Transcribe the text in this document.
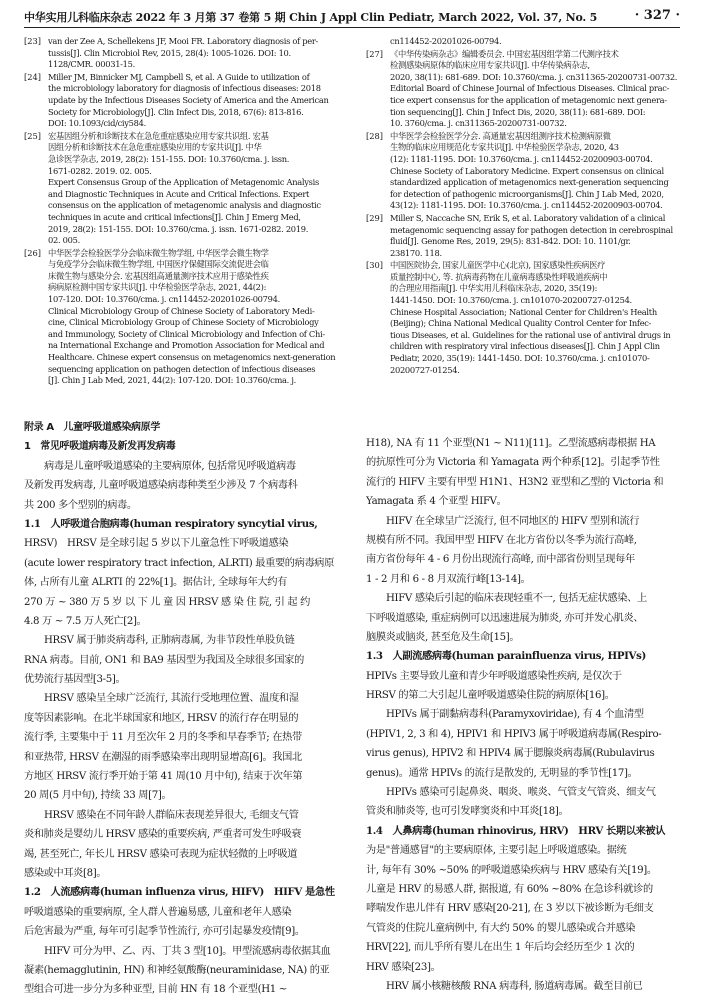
中华实用儿科临床杂志 2022 年 3 月第 37 卷第 5 期 Chin J Appl Clin Pediatr, March 2022, Vol. 37, No. 5	· 327 ·
[23] van der Zee A, Schellekens JF, Mooi FR. Laboratory diagnosis of per-
tussis[J]. Clin Microbiol Rev, 2015, 28(4): 1005-1026. DOI: 10.
1128/CMR. 00031-15.
[24] Miller JM, Binnicker MJ, Campbell S, et al. A Guide to utilization of
the microbiology laboratory for diagnosis of infectious diseases: 2018
update by the Infectious Diseases Society of America and the American
Society for Microbiology[J]. Clin Infect Dis, 2018, 67(6): 813-816.
DOI: 10.1093/cid/ciy584.
[25] 宏基因组分析和诊断技术在急危重症感染应用专家共识组. 宏基
因组分析和诊断技术在急危重症感染应用的专家共识[J]. 中华
急诊医学杂志, 2019, 28(2): 151-155. DOI: 10.3760/cma. j. issn.
1671-0282. 2019. 02. 005.
Expert Consensus Group of the Application of Metagenomic Analysis
and Diagnostic Techniques in Acute and Critical Infections. Expert
consensus on the application of metagenomic analysis and diagnostic
techniques in acute and critical infections[J]. Chin J Emerg Med,
2019, 28(2): 151-155. DOI: 10.3760/cma. j. issn. 1671-0282. 2019.
02. 005.
[26] 中华医学会检验医学分会临床微生物学组, 中华医学会微生物学
与免疫学分会临床微生物学组, 中国医疗保健国际交流促进会临
床微生物与感染分会. 宏基因组高通量测序技术应用于感染性疾
病病原检测中国专家共识[J]. 中华检验医学杂志, 2021, 44(2):
107-120. DOI: 10.3760/cma. j. cn114452-20201026-00794.
Clinical Microbiology Group of Chinese Society of Laboratory Medi-
cine, Clinical Microbiology Group of Chinese Society of Microbiology
and Immunology, Society of Clinical Microbiology and Infection of Chi-
na International Exchange and Promotion Association for Medical and
Healthcare. Chinese expert consensus on metagenomics next-generation
sequencing application on pathogen detection of infectious diseases
[J]. Chin J Lab Med, 2021, 44(2): 107-120. DOI: 10.3760/cma. j.
cn114452-20201026-00794.
[27] 《中华传染病杂志》编辑委员会. 中国宏基因组学第二代测序技术
检测感染病原体的临床应用专家共识[J]. 中华传染病杂志,
2020, 38(11): 681-689. DOI: 10.3760/cma. j. cn311365-20200731-00732.
Editorial Board of Chinese Journal of Infectious Diseases. Clinical prac-
tice expert consensus for the application of metagenomic next genera-
tion sequencing[J]. Chin J Infect Dis, 2020, 38(11): 681-689. DOI:
10. 3760/cma. j. cn311365-20200731-00732.
[28] 中华医学会检验医学分会. 高通量宏基因组测序技术检测病原微
生物的临床应用规范化专家共识[J]. 中华检验医学杂志, 2020, 43
(12): 1181-1195. DOI: 10.3760/cma. j. cn114452-20200903-00704.
Chinese Society of Laboratory Medicine. Expert consensus on clinical
standardized application of metagenomics next-generation sequencing
for detection of pathogenic microorganisms[J]. Chin J Lab Med, 2020,
43(12): 1181-1195. DOI: 10.3760/cma. j. cn114452-20200903-00704.
[29] Miller S, Naccache SN, Erik S, et al. Laboratory validation of a clinical
metagenomic sequencing assay for pathogen detection in cerebrospinal
fluid[J]. Genome Res, 2019, 29(5): 831-842. DOI: 10. 1101/gr.
238170. 118.
[30] 中国医院协会, 国家儿童医学中心(北京), 国家感染性疾病医疗
质量控制中心, 等. 抗病毒药物在儿童病毒感染性呼吸道疾病中
的合理应用指南[J]. 中华实用儿科临床杂志, 2020, 35(19):
1441-1450. DOI: 10.3760/cma. j. cn101070-20200727-01254.
Chinese Hospital Association; National Center for Children's Health
(Beijing); China National Medical Quality Control Center for Infec-
tious Diseases, et al. Guidelines for the rational use of antiviral drugs in
children with respiratory viral infectious diseases[J]. Chin J Appl Clin
Pediatr, 2020, 35(19): 1441-1450. DOI: 10.3760/cma. j. cn101070-
20200727-01254.
附录 A　儿童呼吸道感染病原学
1　常见呼吸道病毒及新发再发病毒
病毒是儿童呼吸道感染的主要病原体, 包括常见呼吸道病毒
及新发再发病毒, 儿童呼吸道感染病毒种类至少涉及 7 个病毒科
共 200 多个型别的病毒。
1.1　人呼吸道合胞病毒(human respiratory syncytial virus,
HRSV)　HRSV 是全球引起 5 岁以下儿童急性下呼吸道感染
(acute lower respiratory tract infection, ALRTI) 最重要的病毒病原
体, 占所有儿童 ALRTI 的 22%[1]。据估计, 全球每年大约有
270 万 ~ 380 万 5 岁 以 下 儿 童 因 HRSV 感 染 住 院, 引 起 约
4.8 万 ~ 7.5 万人死亡[2]。
HRSV 属于肺炎病毒科, 正肺病毒属, 为非节段性单股负链
RNA 病毒。目前, ON1 和 BA9 基因型为我国及全球很多国家的
优势流行基因型[3-5]。
HRSV 感染呈全球广泛流行, 其流行受地理位置、温度和湿
度等因素影响。在北半球国家和地区, HRSV 的流行存在明显的
流行季, 主要集中于 11 月至次年 2 月的冬季和早春季节; 在热带
和亚热带, HRSV 在潮湿的雨季感染率出现明显增高[6]。我国北
方地区 HRSV 流行季开始于第 41 周(10 月中旬), 结束于次年第
20 周(5 月中旬), 持续 33 周[7]。
HRSV 感染在不同年龄人群临床表现差异很大, 毛细支气管
炎和肺炎是婴幼儿 HRSV 感染的重要疾病, 严重者可发生呼吸衰
竭, 甚至死亡, 年长儿 HRSV 感染可表现为症状轻微的上呼吸道
感染或中耳炎[8]。
1.2　人流感病毒(human influenza virus, HIFV)　HIFV 是急性
呼吸道感染的重要病原, 全人群人普遍易感, 儿童和老年人感染
后危害最为严重, 每年可引起季节性流行, 亦可引起暴发疫情[9]。
HIFV 可分为甲、乙、丙、丁共 3 型[10]。甲型流感病毒依据其血
凝素(hemagglutinin, HN) 和神经氨酸酶(neuraminidase, NA) 的亚
型组合可进一步分为多种亚型, 目前 HN 有 18 个亚型(H1 ~
H18), NA 有 11 个亚型(N1 ~ N11)[11]。乙型流感病毒根据 HA
的抗原性可分为 Victoria 和 Yamagata 两个种系[12]。引起季节性
流行的 HIFV 主要有甲型 H1N1、H3N2 亚型和乙型的 Victoria 和
Yamagata 系 4 个亚型 HIFV。
HIFV 在全球呈广泛流行, 但不同地区的 HIFV 型别和流行
规模有所不同。我国甲型 HIFV 在北方省份以冬季为流行高峰,
南方省份每年 4 - 6 月份出现流行高峰, 而中部省份则呈现每年
1 - 2 月和 6 - 8 月双流行峰[13-14]。
HIFV 感染后引起的临床表现轻重不一, 包括无症状感染、上
下呼吸道感染, 重症病例可以迅速进展为肺炎, 亦可并发心肌炎、
脑膜炎或脑炎, 甚至危及生命[15]。
1.3　人副流感病毒(human parainfluenza virus, HPIVs)
HPIVs 主要导致儿童和青少年呼吸道感染性疾病, 是仅次于
HRSV 的第二大引起儿童呼吸道感染住院的病原体[16]。
HPIVs 属于副黏病毒科(Paramyxoviridae), 有 4 个血清型
(HPIV1, 2, 3 和 4), HPIV1 和 HPIV3 属于呼吸道病毒属(Respiro-
virus genus), HPIV2 和 HPIV4 属于腮腺炎病毒属(Rubulavirus
genus)。通常 HPIVs 的流行是散发的, 无明显的季节性[17]。
HPIVs 感染可引起鼻炎、咽炎、喉炎、气管支气管炎、细支气
管炎和肺炎等, 也可引发哮窦炎和中耳炎[18]。
1.4　人鼻病毒(human rhinovirus, HRV)　HRV 长期以来被认
为是"普通感冒"的主要病原体, 主要引起上呼吸道感染。据统
计, 每年有 30% ~50% 的呼吸道感染疾病与 HRV 感染有关[19]。
儿童是 HRV 的易感人群, 据报道, 有 60% ~80% 在急诊科就诊的
哮喘发作患儿伴有 HRV 感染[20-21], 在 3 岁以下被诊断为毛细支
气管炎的住院儿童病例中, 有大约 50% 的婴儿感染或合并感染
HRV[22], 而儿乎所有婴儿在出生 1 年后均会经历至少 1 次的
HRV 感染[23]。
HRV 属小核糖核酸 RNA 病毒科, 肠道病毒属。截至目前已
